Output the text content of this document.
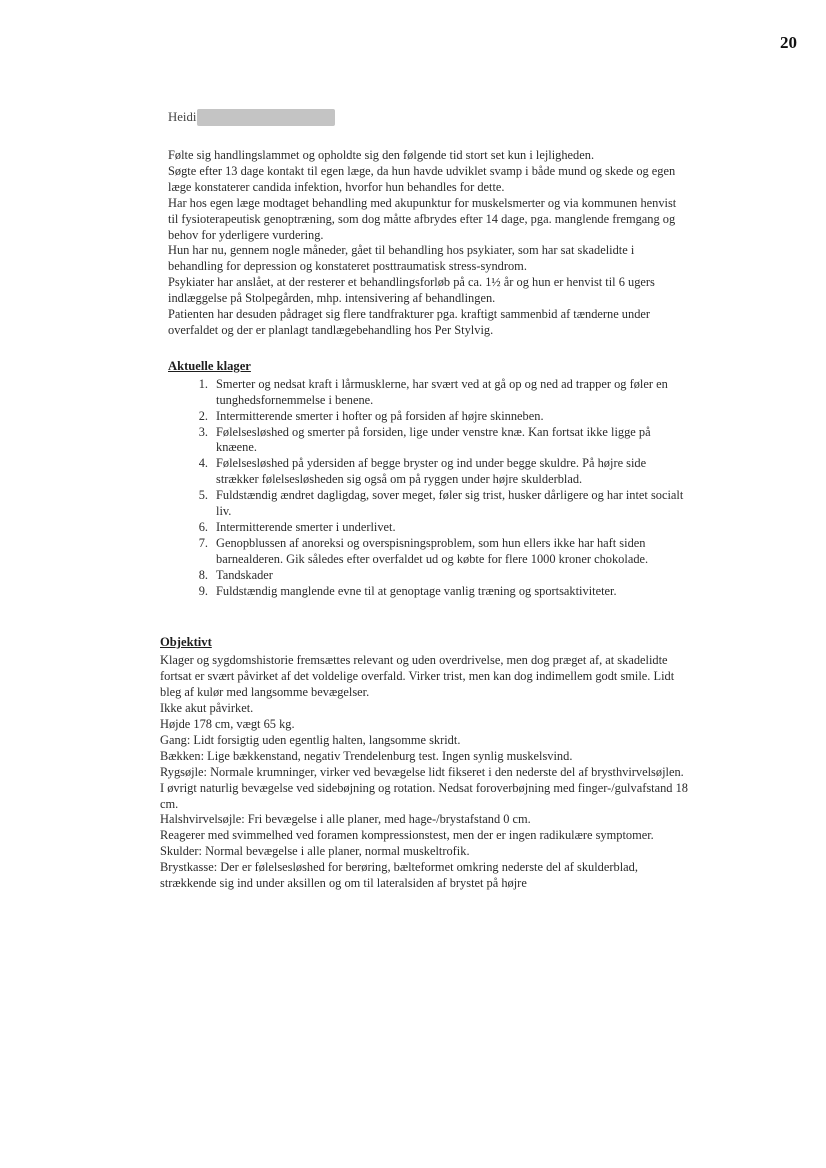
20
Heidi

Følte sig handlingslammet og opholdte sig den følgende tid stort set kun i lejligheden.

Søgte efter 13 dage kontakt til egen læge, da hun havde udviklet svamp i både mund og skede og egen læge konstaterer candida infektion, hvorfor hun behandles for dette.

Har hos egen læge modtaget behandling med akupunktur for muskelsmerter og via kommunen henvist til fysioterapeutisk genoptræning, som dog måtte afbrydes efter 14 dage, pga. manglende fremgang og behov for yderligere vurdering.

Hun har nu, gennem nogle måneder, gået til behandling hos psykiater, som har sat skadelidte i behandling for depression og konstateret posttraumatisk stress-syndrom.

Psykiater har anslået, at der resterer et behandlingsforløb på ca. 1½ år og hun er henvist til 6 ugers indlæggelse på Stolpegården, mhp. intensivering af behandlingen.

Patienten har desuden pådraget sig flere tandfrakturer pga. kraftigt sammenbid af tænderne under overfaldet og der er planlagt tandlægebehandling hos Per Stylvig.

Aktuelle klager
1. Smerter og nedsat kraft i lårmusklerne, har svært ved at gå op og ned ad trapper og føler en tunghedsfornemmelse i benene.
2. Intermitterende smerter i hofter og på forsiden af højre skinneben.
3. Følelsesløshed og smerter på forsiden, lige under venstre knæ. Kan fortsat ikke ligge på knæene.
4. Følelsesløshed på ydersiden af begge bryster og ind under begge skuldre. På højre side strækker følelsesløsheden sig også om på ryggen under højre skulderblad.
5. Fuldstændig ændret dagligdag, sover meget, føler sig trist, husker dårligere og har intet socialt liv.
6. Intermitterende smerter i underlivet.
7. Genopblussen af anoreksi og overspisningsproblem, som hun ellers ikke har haft siden barnealderen. Gik således efter overfaldet ud og købte for flere 1000 kroner chokolade.
8. Tandskader
9. Fuldstændig manglende evne til at genoptage vanlig træning og sportsaktiviteter.
Objektivt

Klager og sygdomshistorie fremsættes relevant og uden overdrivelse, men dog præget af, at skadelidte fortsat er svært påvirket af det voldelige overfald. Virker trist, men kan dog indimellem godt smile. Lidt bleg af kulør med langsomme bevægelser.

Ikke akut påvirket.

Højde 178 cm, vægt 65 kg.

Gang: Lidt forsigtig uden egentlig halten, langsomme skridt.

Bækken: Lige bækkenstand, negativ Trendelenburg test. Ingen synlig muskelsvind.

Rygsøjle: Normale krumninger, virker ved bevægelse lidt fikseret i den nederste del af brysthvirvelsøjlen. I øvrigt naturlig bevægelse ved sidebøjning og rotation. Nedsat foroverbøjning med finger-/gulvafstand 18 cm.

Halshvirvelsøjle: Fri bevægelse i alle planer, med hage-/brystafstand 0 cm.

Reagerer med svimmelhed ved foramen kompressionstest, men der er ingen radikulære symptomer.

Skulder: Normal bevægelse i alle planer, normal muskeltrofik.

Brystkasse: Der er følelsesløshed for berøring, bælteformet omkring nederste del af skulderblad, strækkende sig ind under aksillen og om til lateralsiden af brystet på højre
